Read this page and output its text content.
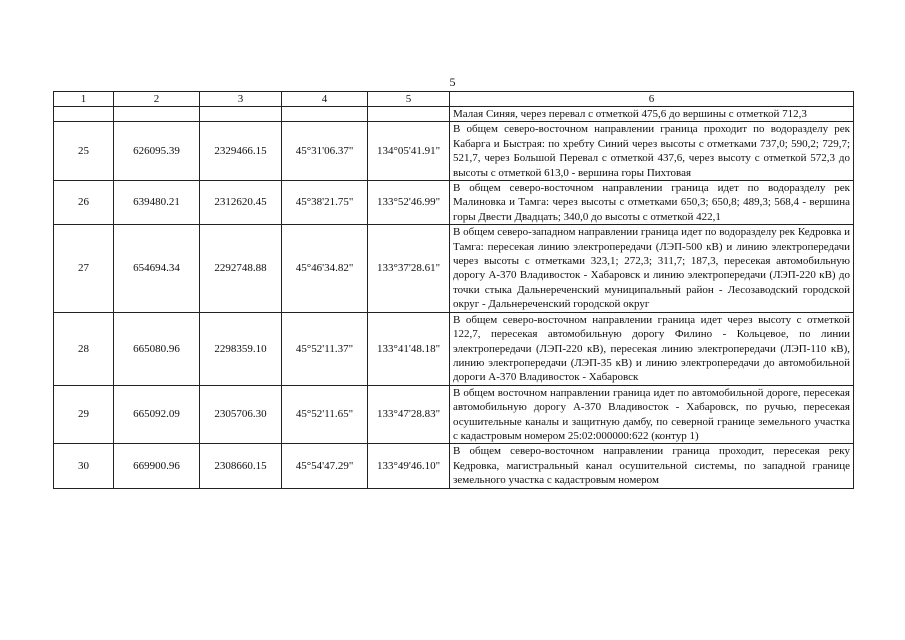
5
1	2	3	4	5	6

					Малая Синяя, через перевал с отметкой 475,6 до вершины с отметкой 712,3

25	626095.39	2329466.15	45°31'06.37"	134°05'41.91"	В общем северо-восточном направлении граница проходит по водоразделу рек Кабарга и Быстрая: по хребту Синий через высоты с отметками 737,0; 590,2; 729,7; 521,7, через Большой Перевал с отметкой 437,6, через высоту с отметкой 572,3 до высоты с отметкой 613,0 - вершина горы Пихтовая

26	639480.21	2312620.45	45°38'21.75"	133°52'46.99"	В общем северо-восточном направлении граница идет по водоразделу рек Малиновка и Тамга: через высоты с отметками 650,3; 650,8; 489,3; 568,4 - вершина горы Двести Двадцать; 340,0 до высоты с отметкой 422,1

27	654694.34	2292748.88	45°46'34.82"	133°37'28.61"	В общем северо-западном направлении граница идет по водоразделу рек Кедровка и Тамга: пересекая линию электропередачи (ЛЭП-500 кВ) и линию электропередачи через высоты с отметками 323,1; 272,3; 311,7; 187,3, пересекая автомобильную дорогу А-370 Владивосток - Хабаровск и линию электропередачи (ЛЭП-220 кВ) до точки стыка Дальнереченский муниципальный район - Лесозаводский городской округ - Дальнереченский городской округ

28	665080.96	2298359.10	45°52'11.37"	133°41'48.18"	В общем северо-восточном направлении граница идет через высоту с отметкой 122,7, пересекая автомобильную дорогу Филино - Кольцевое, по линии электропередачи (ЛЭП-220 кВ), пересекая линию электропередачи (ЛЭП-110 кВ), линию электропередачи (ЛЭП-35 кВ) и линию электропередачи до автомобильной дороги А-370 Владивосток - Хабаровск

29	665092.09	2305706.30	45°52'11.65"	133°47'28.83"	В общем восточном направлении граница идет по автомобильной дороге, пересекая автомобильную дорогу А-370 Владивосток - Хабаровск, по ручью, пересекая осушительные каналы и защитную дамбу, по северной границе земельного участка с кадастровым номером 25:02:000000:622 (контур 1)

30	669900.96	2308660.15	45°54'47.29"	133°49'46.10"	В общем северо-восточном направлении граница проходит, пересекая реку Кедровка, магистральный канал осушительной системы, по западной границе земельного участка с кадастровым номером
